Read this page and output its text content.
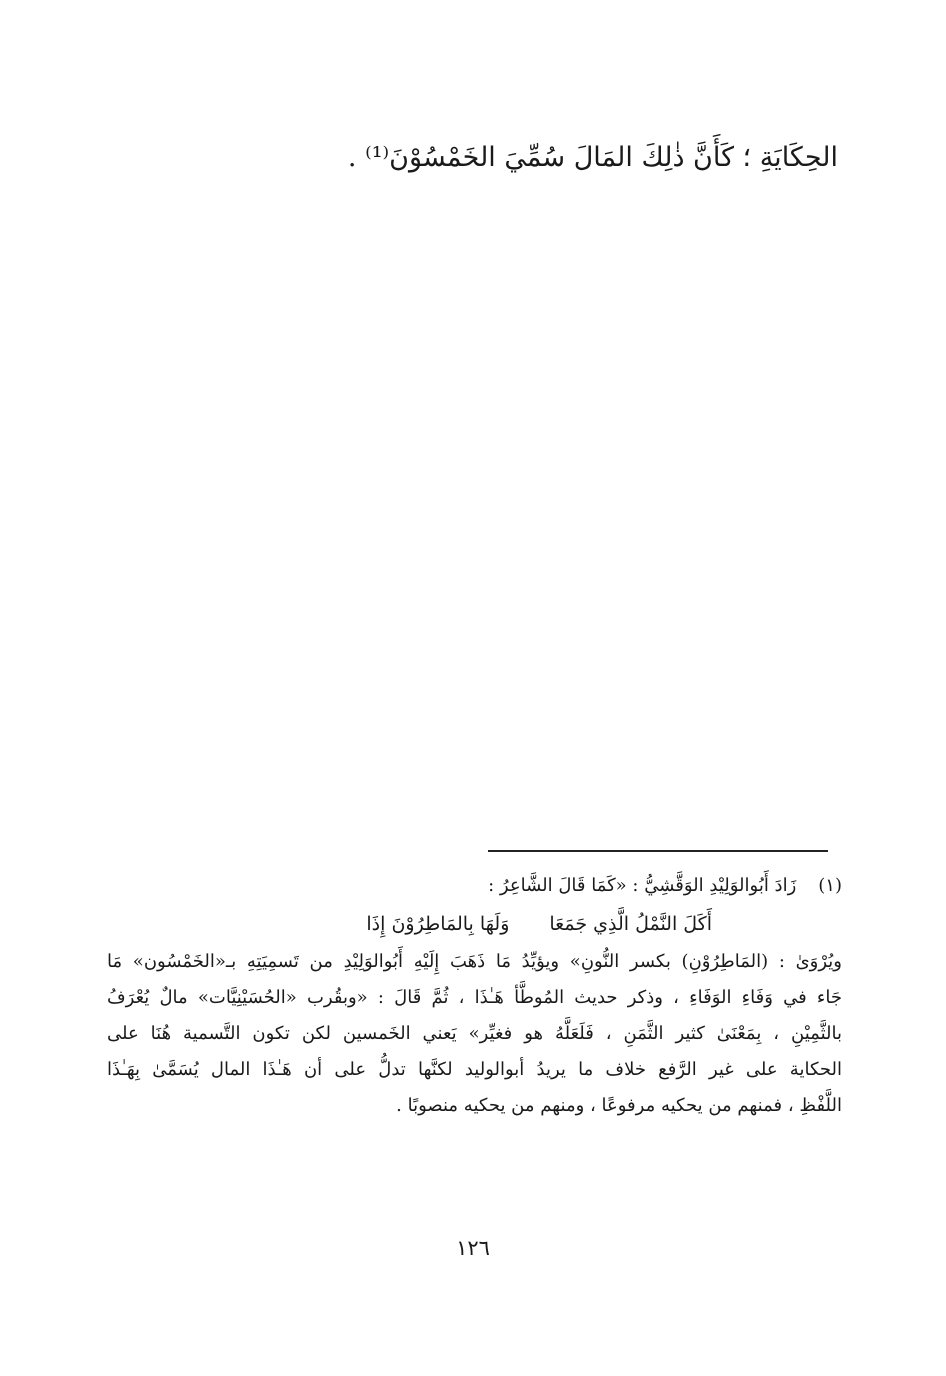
الحِكَايَةِ ؛ كَأَنَّ ذٰلِكَ المَالَ سُمِّيَ الخَمْسُوْنَ⁽¹⁾ .
(١)زَادَ أَبُوالوَلِيْدِ الوَقَّشِيُّ : «كَمَا قَالَ الشَّاعِرُ :
أَكَلَ النَّمْلُ الَّذِي جَمَعَا
وَلَهَا بِالمَاطِرُوْنَ إِذَا
ويُرْوَىٰ : (المَاطِرُوْنِ) بكسر النُّونِ» ويؤيِّدُ مَا ذَهَبَ إِلَيْهِ أَبُوالوَلِيْدِ من تَسمِيَتِهِ بـ«الخَمْسُون» مَا
جَاء في وَفَاءِ الوَفَاءِ ، وذكر حديث المُوطَّأ هَـٰذَا ، ثُمَّ قَالَ : «وبقُرب «الحُسَيْنِيَّات» مالٌ يُعْرَفُ
بالثَّمِيْنِ ، بِمَعْنَىٰ كثير الثَّمَنِ ، فَلَعَلَّهُ هو فغيِّر» يَعني الخَمسين لكن تكون التَّسمية هُنَا على
الحكاية على غير الرَّفع خلاف ما يريدُ أبوالوليد لكنَّها تدلُّ على أن هَـٰذَا المال يُسَمَّىٰ بِهَـٰذَا
اللَّفْظِ ، فمنهم من يحكيه مرفوعًا ، ومنهم من يحكيه منصوبًا .
١٢٦
